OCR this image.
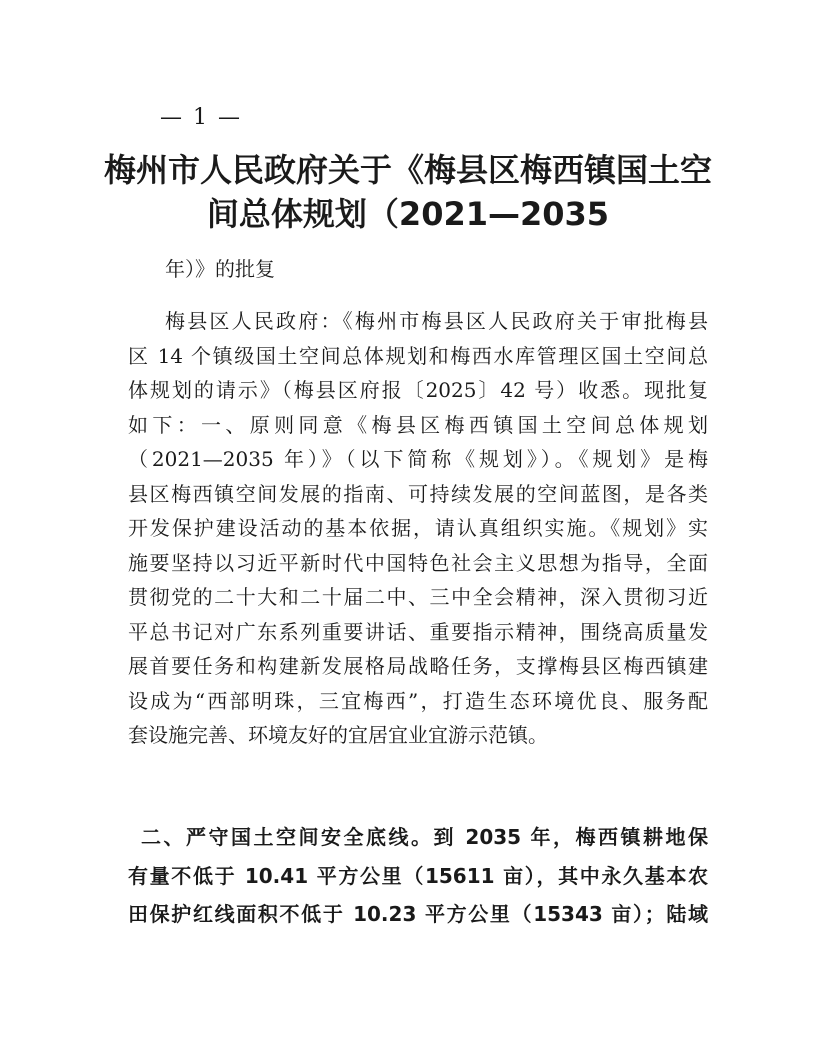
— 1 —
梅州市人民政府关于《梅县区梅西镇国土空
间总体规划（2021—2035
年）》的批复
梅县区人民政府：《梅州市梅县区人民政府关于审批梅县
区 14 个镇级国土空间总体规划和梅西水库管理区国土空间总
体规划的请示》（梅县区府报〔2025〕42 号）收悉。现批复
如下：一、原则同意《梅县区梅西镇国土空间总体规划
（2021—2035 年）》（以下简称《规划》）。《规划》是梅
县区梅西镇空间发展的指南、可持续发展的空间蓝图，是各类
开发保护建设活动的基本依据，请认真组织实施。《规划》实
施要坚持以习近平新时代中国特色社会主义思想为指导，全面
贯彻党的二十大和二十届二中、三中全会精神，深入贯彻习近
平总书记对广东系列重要讲话、重要指示精神，围绕高质量发
展首要任务和构建新发展格局战略任务，支撑梅县区梅西镇建
设成为“西部明珠，三宜梅西”，打造生态环境优良、服务配
套设施完善、环境友好的宜居宜业宜游示范镇。
二、严守国土空间安全底线。到 2035 年，梅西镇耕地保
有量不低于 10.41 平方公里（15611 亩），其中永久基本农
田保护红线面积不低于 10.23 平方公里（15343 亩）；陆域
